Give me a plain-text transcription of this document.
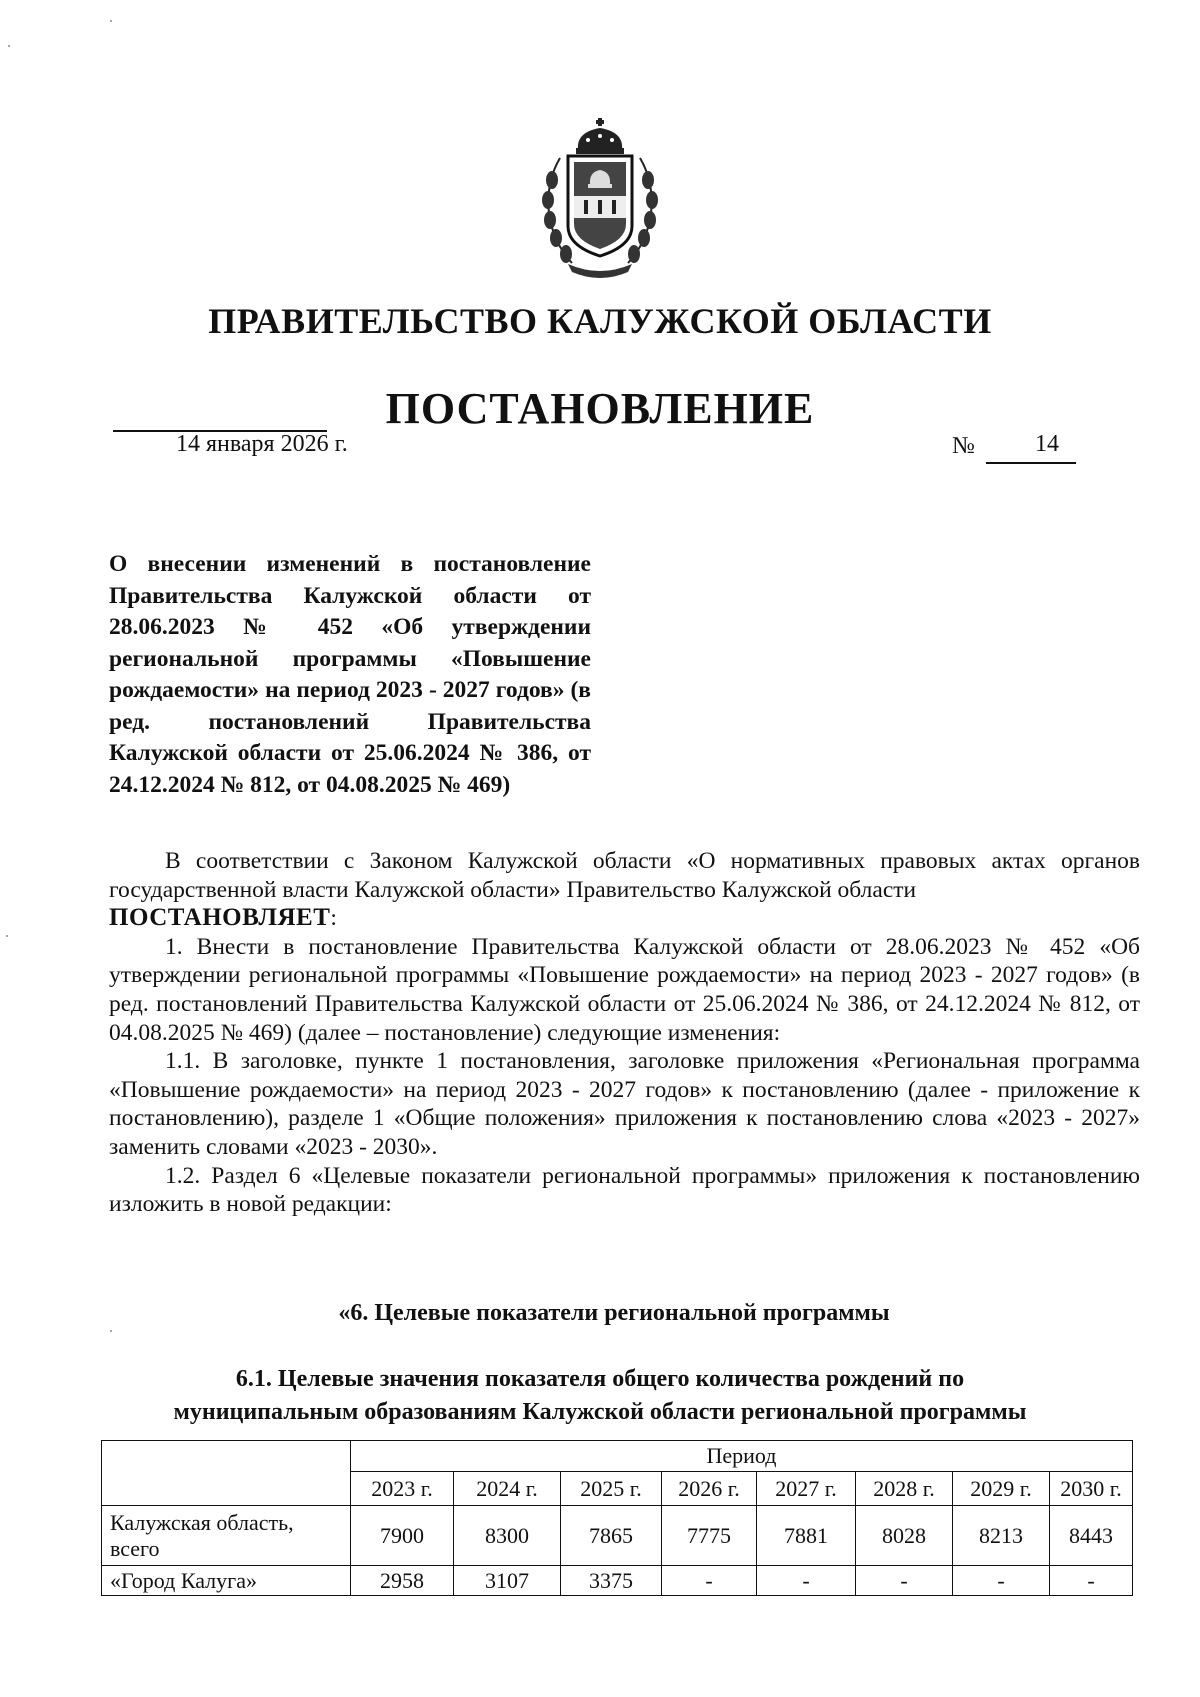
ПРАВИТЕЛЬСТВО КАЛУЖСКОЙ ОБЛАСТИ
ПОСТАНОВЛЕНИЕ
14 января 2026 г.	№	14
О внесении изменений в постановление Правительства Калужской области от 28.06.2023 № 452 «Об утверждении региональной программы «Повышение рождаемости» на период 2023 - 2027 годов» (в ред. постановлений Правительства Калужской области от 25.06.2024 № 386, от 24.12.2024 № 812, от 04.08.2025 № 469)

В соответствии с Законом Калужской области «О нормативных правовых актах органов государственной власти Калужской области» Правительство Калужской области

ПОСТАНОВЛЯЕТ:

1. Внести в постановление Правительства Калужской области от 28.06.2023 № 452 «Об утверждении региональной программы «Повышение рождаемости» на период 2023 - 2027 годов» (в ред. постановлений Правительства Калужской области от 25.06.2024 № 386, от 24.12.2024 № 812, от 04.08.2025 № 469) (далее – постановление) следующие изменения:

1.1. В заголовке, пункте 1 постановления, заголовке приложения «Региональная программа «Повышение рождаемости» на период 2023 - 2027 годов» к постановлению (далее - приложение к постановлению), разделе 1 «Общие положения» приложения к постановлению слова «2023 - 2027» заменить словами «2023 - 2030».

1.2. Раздел 6 «Целевые показатели региональной программы» приложения к постановлению изложить в новой редакции:

«6. Целевые показатели региональной программы
6.1. Целевые значения показателя общего количества рождений по
муниципальным образованиям Калужской области региональной программы
	Период							
	2023 г.	2024 г.	2025 г.	2026 г.	2027 г.	2028 г.	2029 г.	2030 г.
Калужская область, всего	7900	8300	7865	7775	7881	8028	8213	8443
«Город Калуга»	2958	3107	3375	-	-	-	-	-
